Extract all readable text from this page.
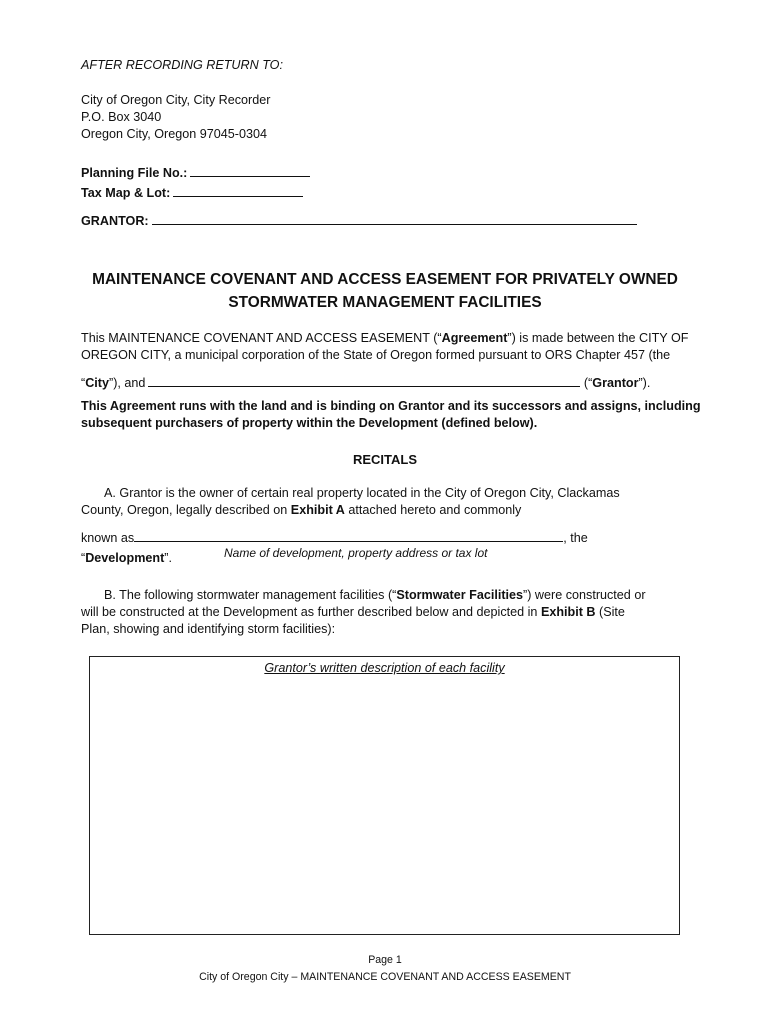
AFTER RECORDING RETURN TO:
City of Oregon City, City Recorder
P.O. Box 3040
Oregon City, Oregon 97045-0304
Planning File No.:
Tax Map & Lot:
GRANTOR:
MAINTENANCE COVENANT AND ACCESS EASEMENT FOR PRIVATELY OWNED
STORMWATER MANAGEMENT FACILITIES
This MAINTENANCE COVENANT AND ACCESS EASEMENT (“Agreement”) is made between the CITY OF
OREGON CITY, a municipal corporation of the State of Oregon formed pursuant to ORS Chapter 457 (the
“City”), and	(“Grantor”).
This Agreement runs with the land and is binding on Grantor and its successors and assigns, including
subsequent purchasers of property within the Development (defined below).
RECITALS
A. Grantor is the owner of certain real property located in the City of Oregon City, Clackamas
County, Oregon, legally described on Exhibit A attached hereto and commonly
known as	, the
“Development”.	Name of development, property address or tax lot
B. The following stormwater management facilities (“Stormwater Facilities”) were constructed or
will be constructed at the Development as further described below and depicted in Exhibit B (Site
Plan, showing and identifying storm facilities):
Grantor’s written description of each facility
Page 1
City of Oregon City – MAINTENANCE COVENANT AND ACCESS EASEMENT
